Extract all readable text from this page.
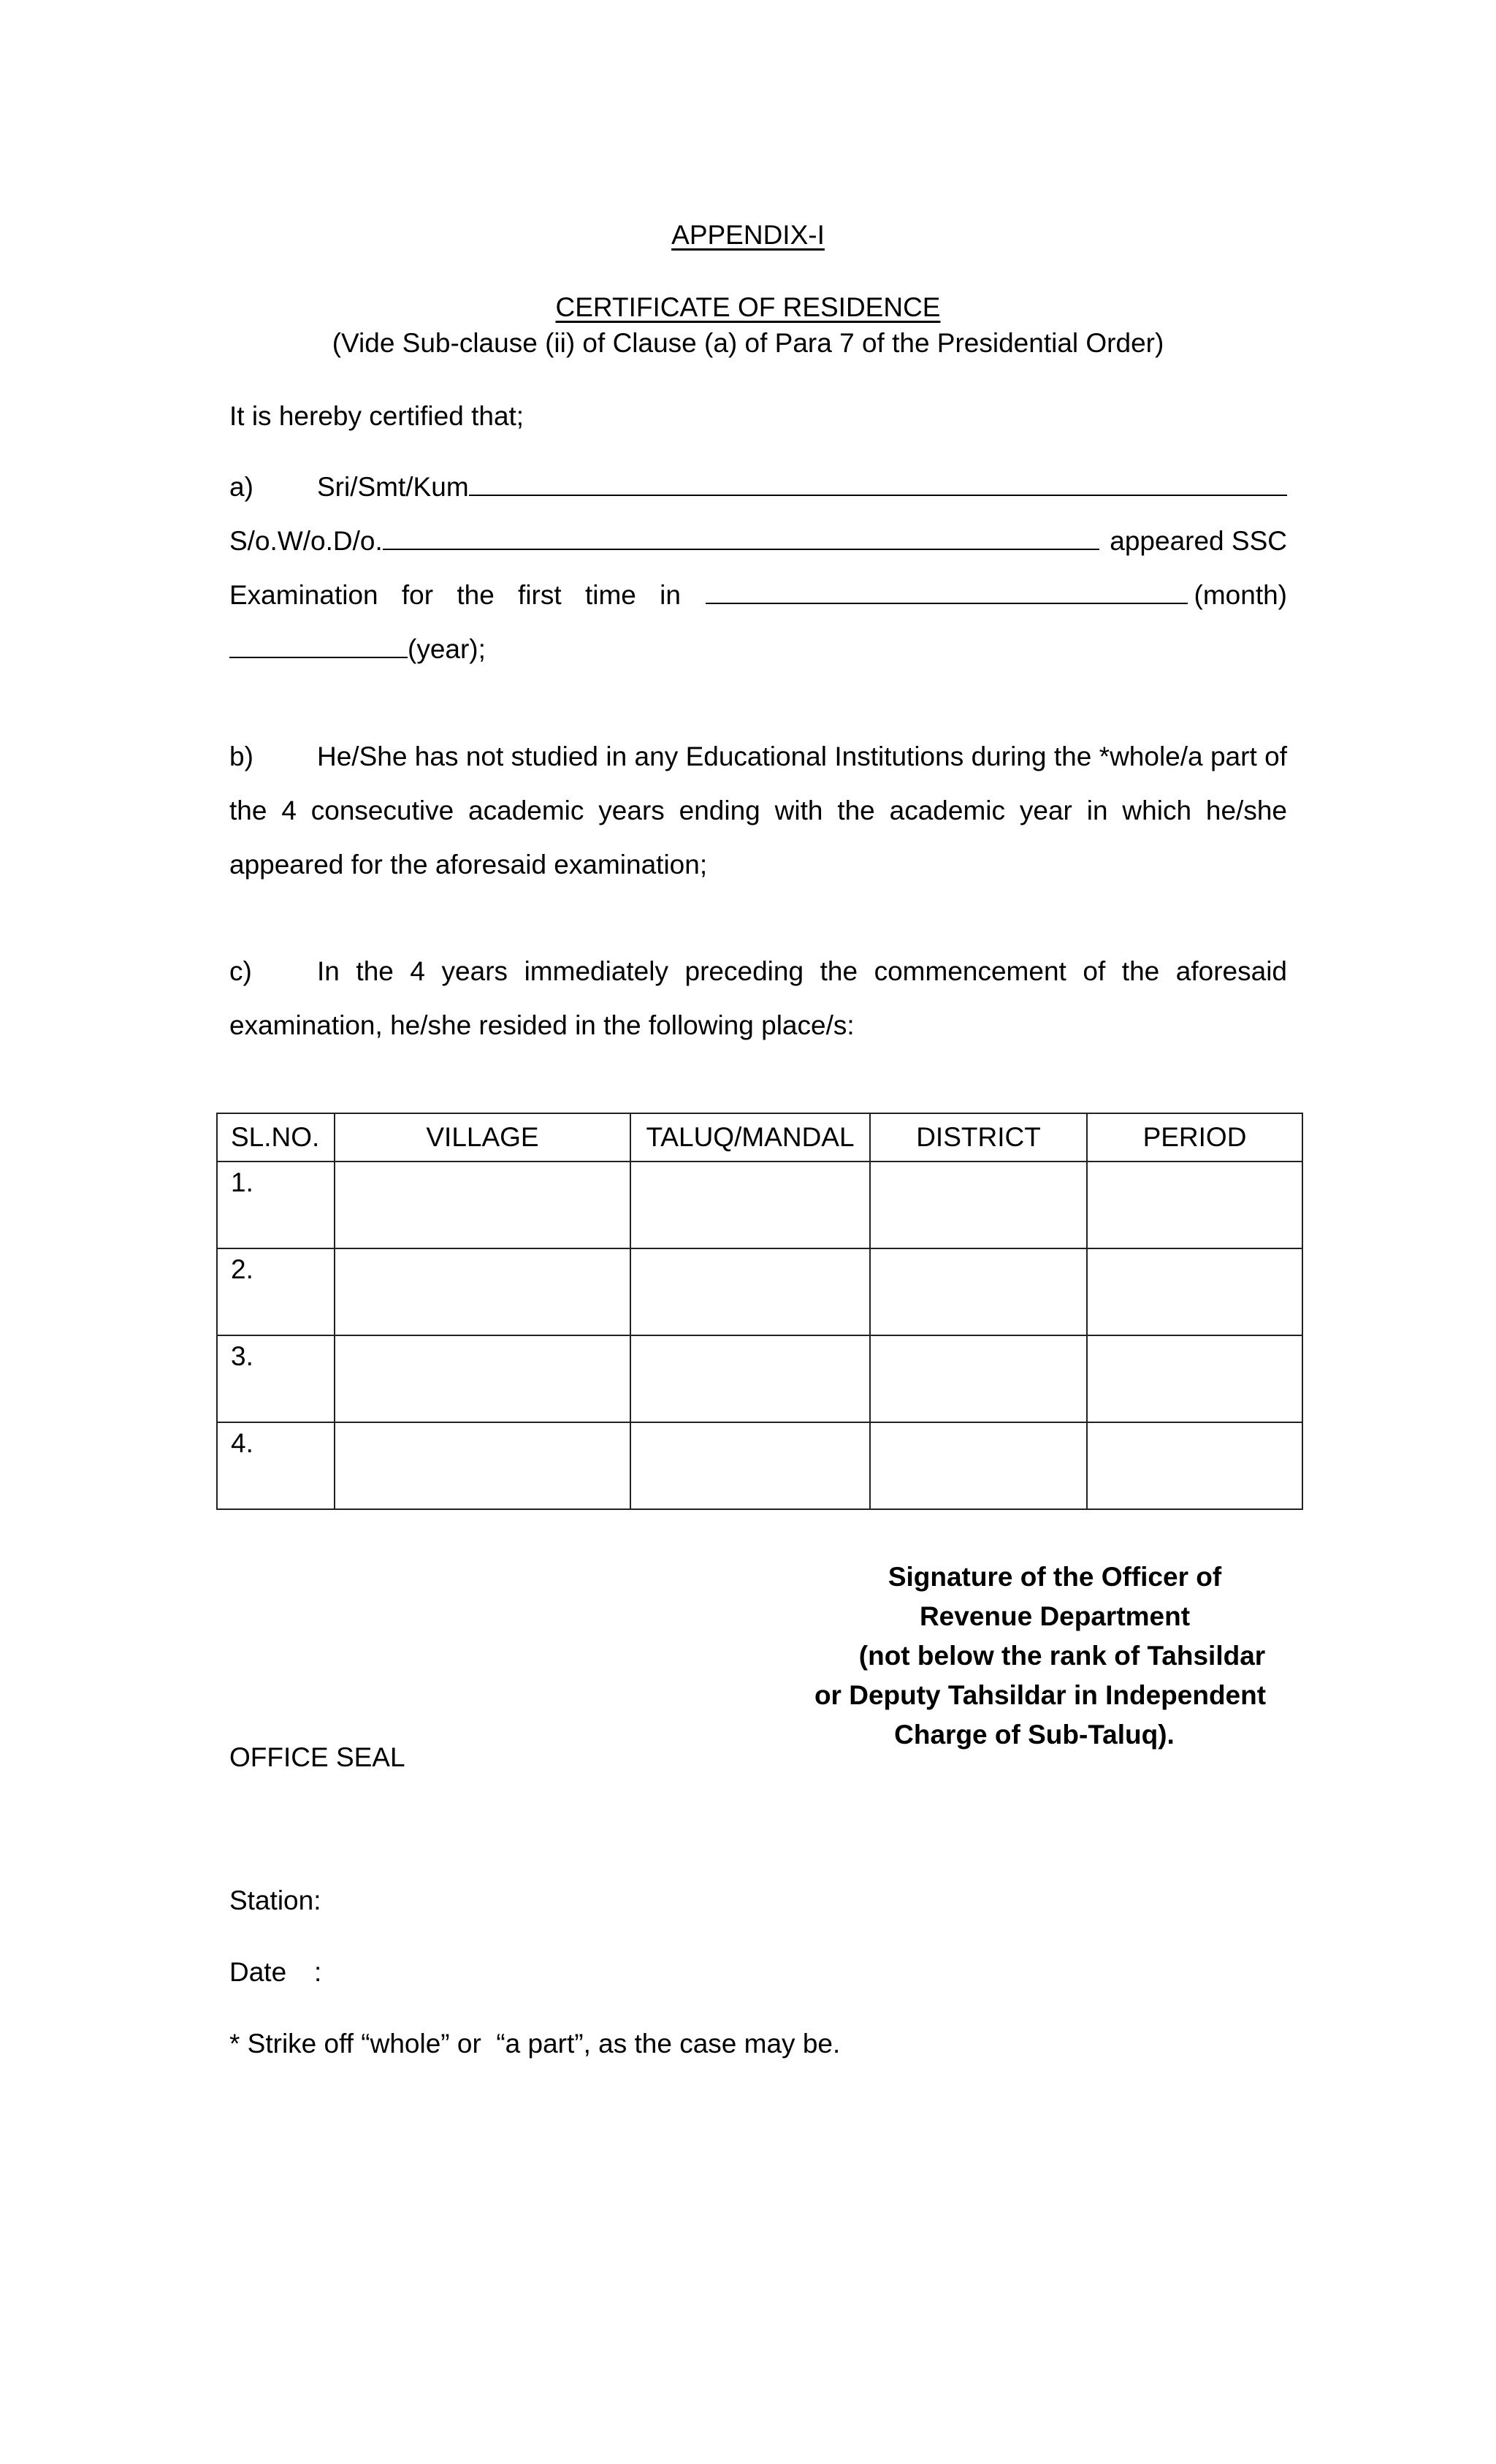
APPENDIX-I
CERTIFICATE OF RESIDENCE
(Vide Sub-clause (ii) of Clause (a) of Para 7 of the Presidential Order)
It is hereby certified that;
a)	Sri/Smt/Kum
S/o.W/o.D/o.	appeared SSC
Examination for the first time in	(month)
(year);
b) He/She has not studied in any Educational Institutions during the *whole/a part of the 4 consecutive academic years ending with the academic year in which he/she appeared for the aforesaid examination;
c) In the 4 years immediately preceding the commencement of the aforesaid examination, he/she resided in the following place/s:
SL.NO.	VILLAGE	TALUQ/MANDAL	DISTRICT	PERIOD
1.				
2.				
3.				
4.				
Signature of the Officer of
Revenue Department
(not below the rank of Tahsildar
or Deputy Tahsildar in Independent
Charge of Sub-Taluq).
OFFICE SEAL
Station:
Date :
* Strike off “whole” or  “a part”, as the case may be.
